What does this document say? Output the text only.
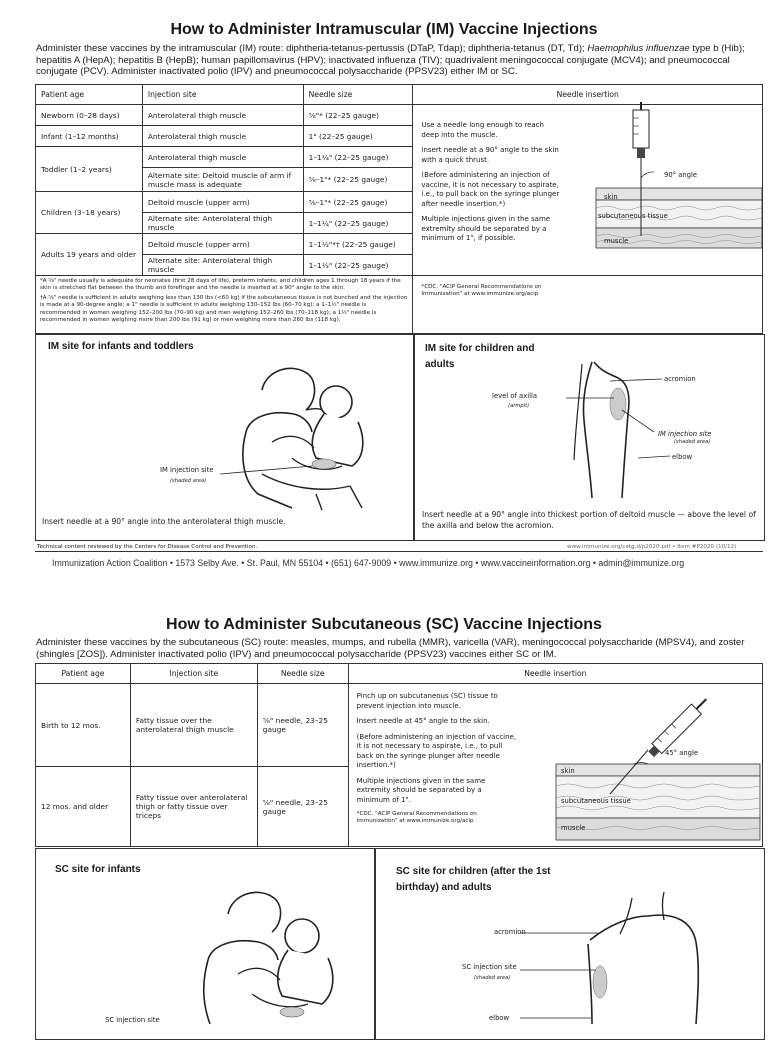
How to Administer Intramuscular (IM) Vaccine Injections
Administer these vaccines by the intramuscular (IM) route: diphtheria-tetanus-pertussis (DTaP, Tdap); diphtheria-tetanus (DT, Td); Haemophilus influenzae type b (Hib); hepatitis A (HepA); hepatitis B (HepB); human papillomavirus (HPV); inactivated influenza (TIV); quadrivalent meningococcal conjugate (MCV4); and pneumococcal conjugate (PCV). Administer inactivated polio (IPV) and pneumococcal polysaccharide (PPSV23) either IM or SC.
Patient age	Injection site	Needle size	Needle insertion
Newborn (0–28 days)	Anterolateral thigh muscle	⅝"* (22–25 gauge)	Use a needle long enough to reach deep into the muscle.

Insert needle at a 90° angle to the skin with a quick thrust.

(Before administering an injection of vaccine, it is not necessary to aspirate, i.e., to pull back on the syringe plunger after needle insertion.*)

Multiple injections given in the same extremity should be separated by a minimum of 1", if possible.

Infant (1–12 months)	Anterolateral thigh muscle	1" (22–25 gauge)	
Toddler (1–2 years)	Anterolateral thigh muscle	1–1¼" (22–25 gauge)	
	Alternate site: Deltoid muscle of arm if muscle mass is adequate	⅝–1"* (22–25 gauge)	
Children (3–18 years)	Deltoid muscle (upper arm)	⅝–1"* (22–25 gauge)	
	Alternate site: Anterolateral thigh muscle	1–1¼" (22–25 gauge)	
Adults 19 years and older	Deltoid muscle (upper arm)	1–1½"*† (22–25 gauge)	
	Alternate site: Anterolateral thigh muscle	1–1½" (22–25 gauge)	

*A ⅝" needle usually is adequate for neonates (first 28 days of life), preterm infants, and children ages 1 through 18 years if the skin is stretched flat between the thumb and forefinger and the needle is inserted at a 90° angle to the skin.
†A ⅝" needle is sufficient in adults weighing less than 130 lbs (<60 kg) if the subcutaneous tissue is not bunched and the injection is made at a 90-degree angle; a 1" needle is sufficient in adults weighing 130–152 lbs (60–70 kg); a 1–1½" needle is recommended in women weighing 152–200 lbs (70–90 kg) and men weighing 152–260 lbs (70–118 kg); a 1½" needle is recommended in women weighing more than 200 lbs (91 kg) or men weighing more than 260 lbs (118 kg).			*CDC. "ACIP General Recommendations on Immunization" at www.immunize.org/acip
90° angle
skin
subcutaneous tissue
muscle
IM site for infants and toddlers
IM injection site
(shaded area)
Insert needle at a 90° angle into the anterolateral thigh muscle.
IM site for children and adults
acromion
level of axilla
(armpit)
IM injection site
(shaded area)
elbow
Insert needle at a 90° angle into thickest portion of deltoid muscle — above the level of the axilla and below the acromion.
Technical content reviewed by the Centers for Disease Control and Prevention.	www.immunize.org/catg.d/p2020.pdf • Item #P2020 (10/12)
Immunization Action Coalition • 1573 Selby Ave. • St. Paul, MN 55104 • (651) 647-9009 • www.immunize.org • www.vaccineinformation.org • admin@immunize.org
How to Administer Subcutaneous (SC) Vaccine Injections
Administer these vaccines by the subcutaneous (SC) route: measles, mumps, and rubella (MMR), varicella (VAR), meningococcal polysaccharide (MPSV4), and zoster (shingles [ZOS]). Administer inactivated polio (IPV) and pneumococcal polysaccharide (PPSV23) vaccines either SC or IM.
Patient age	Injection site	Needle size	Needle insertion
Birth to 12 mos.	Fatty tissue over the anterolateral thigh muscle	⅝" needle, 23–25 gauge	Pinch up on subcutaneous (SC) tissue to prevent injection into muscle.

Insert needle at 45° angle to the skin.

(Before administering an injection of vaccine, it is not necessary to aspirate, i.e., to pull back on the syringe plunger after needle insertion.*)

Multiple injections given in the same extremity should be separated by a minimum of 1".

*CDC. "ACIP General Recommendations on Immunization" at www.immunize.org/acip

12 mos. and older	Fatty tissue over anterolateral thigh or fatty tissue over triceps	⅝" needle, 23–25 gauge	
45° angle
skin
subcutaneous tissue
muscle
SC site for infants
SC injection site
SC site for children (after the 1st birthday) and adults
acromion
SC injection site
(shaded area)
elbow
